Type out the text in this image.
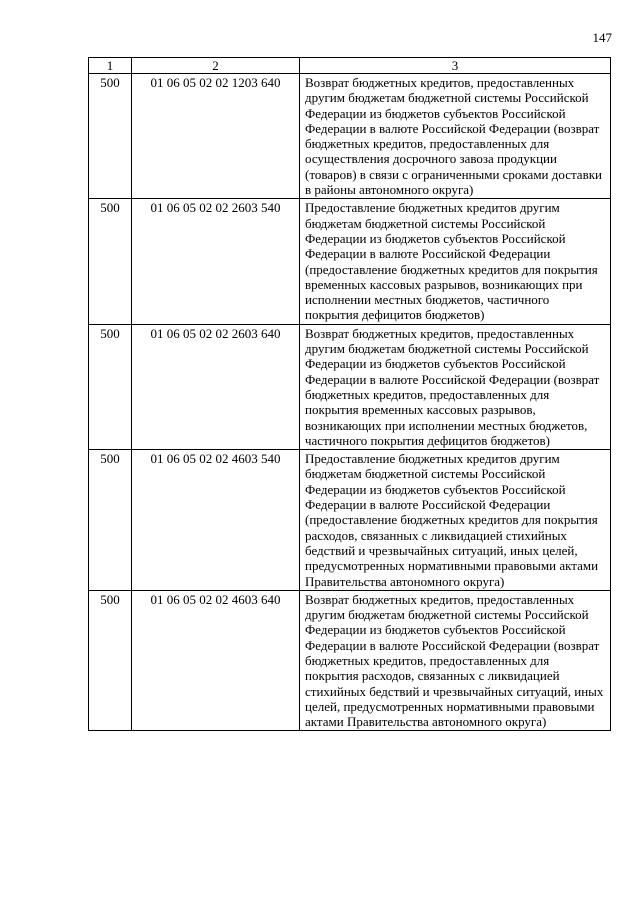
147
1	2	3
500	01 06 05 02 02 1203 640	Возврат бюджетных кредитов, предоставленных другим бюджетам бюджетной системы Российской Федерации из бюджетов субъектов Российской Федерации в валюте Российской Федерации (возврат бюджетных кредитов, предоставленных для осуществления досрочного завоза продукции (товаров) в связи с ограниченными сроками доставки в районы автономного округа)
500	01 06 05 02 02 2603 540	Предоставление бюджетных кредитов другим бюджетам бюджетной системы Российской Федерации из бюджетов субъектов Российской Федерации в валюте Российской Федерации (предоставление бюджетных кредитов для покрытия временных кассовых разрывов, возникающих при исполнении местных бюджетов, частичного покрытия дефицитов бюджетов)
500	01 06 05 02 02 2603 640	Возврат бюджетных кредитов, предоставленных другим бюджетам бюджетной системы Российской Федерации из бюджетов субъектов Российской Федерации в валюте Российской Федерации (возврат бюджетных кредитов, предоставленных для покрытия временных кассовых разрывов, возникающих при исполнении местных бюджетов, частичного покрытия дефицитов бюджетов)
500	01 06 05 02 02 4603 540	Предоставление бюджетных кредитов другим бюджетам бюджетной системы Российской Федерации из бюджетов субъектов Российской Федерации в валюте Российской Федерации (предоставление бюджетных кредитов для покрытия расходов, связанных с ликвидацией стихийных бедствий и чрезвычайных ситуаций, иных целей, предусмотренных нормативными правовыми актами Правительства автономного округа)
500	01 06 05 02 02 4603 640	Возврат бюджетных кредитов, предоставленных другим бюджетам бюджетной системы Российской Федерации из бюджетов субъектов Российской Федерации в валюте Российской Федерации (возврат бюджетных кредитов, предоставленных для покрытия расходов, связанных с ликвидацией стихийных бедствий и чрезвычайных ситуаций, иных целей, предусмотренных нормативными правовыми актами Правительства автономного округа)
